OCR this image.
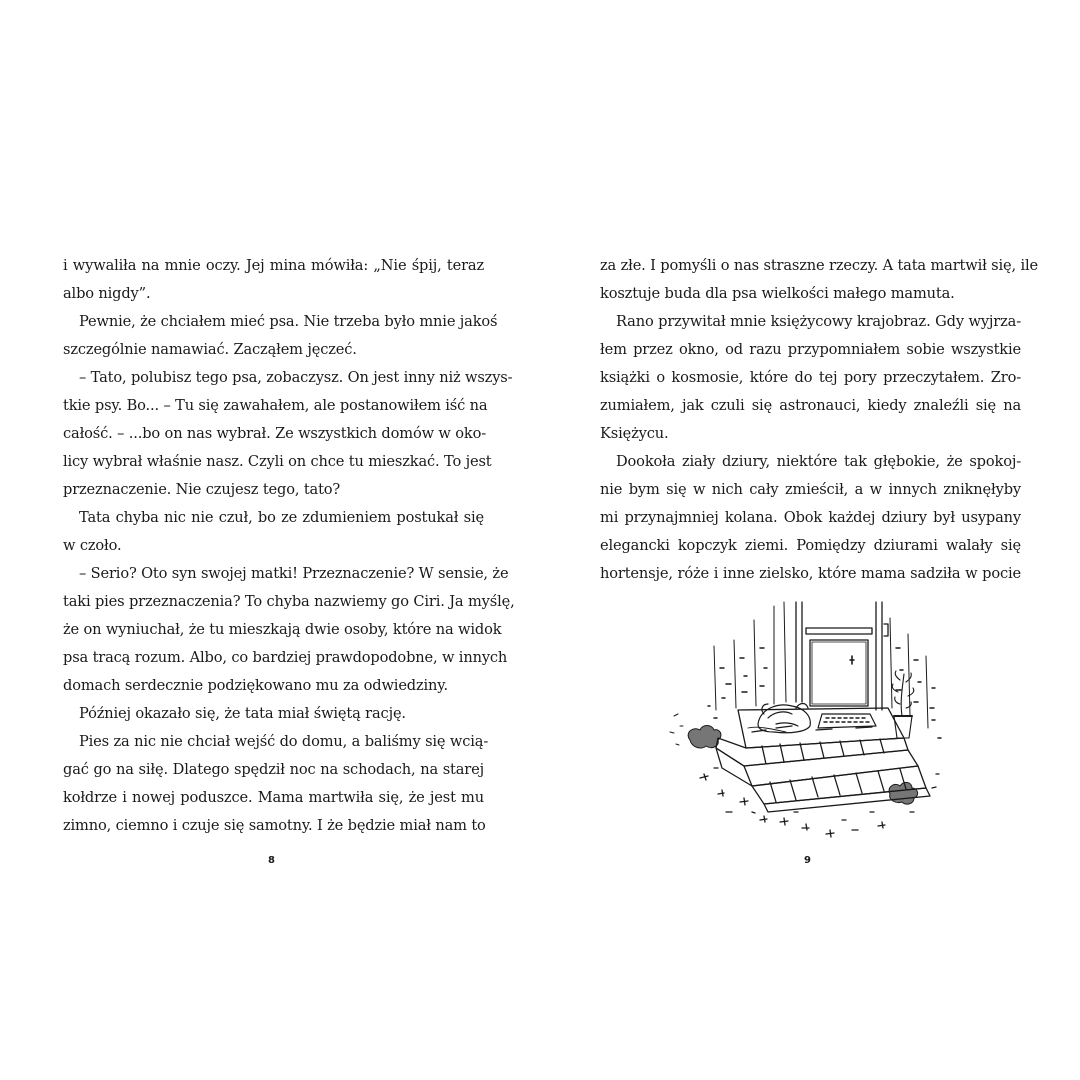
i wywaliła na mnie oczy. Jej mina mówiła: „Nie śpij, teraz
albo nigdy”.
Pewnie, że chciałem mieć psa. Nie trzeba było mnie jakoś
szczególnie namawiać. Zacząłem jęczeć.
– Tato, polubisz tego psa, zobaczysz. On jest inny niż wszys-
tkie psy. Bo... – Tu się zawahałem, ale postanowiłem iść na
całość. – ...bo on nas wybrał. Ze wszystkich domów w oko-
licy wybrał właśnie nasz. Czyli on chce tu mieszkać. To jest
przeznaczenie. Nie czujesz tego, tato?
Tata chyba nic nie czuł, bo ze zdumieniem postukał się
w czoło.
– Serio? Oto syn swojej matki! Przeznaczenie? W sensie, że
taki pies przeznaczenia? To chyba nazwiemy go Ciri. Ja myślę,
że on wyniuchał, że tu mieszkają dwie osoby, które na widok
psa tracą rozum. Albo, co bardziej prawdopodobne, w innych
domach serdecznie podziękowano mu za odwiedziny.
Później okazało się, że tata miał świętą rację.
Pies za nic nie chciał wejść do domu, a baliśmy się wcią-
gać go na siłę. Dlatego spędził noc na schodach, na starej
kołdrze i nowej poduszce. Mama martwiła się, że jest mu
zimno, ciemno i czuje się samotny. I że będzie miał nam to
8
za złe. I pomyśli o nas straszne rzeczy. A tata martwił się, ile
kosztuje buda dla psa wielkości małego mamuta.
Rano przywitał mnie księżycowy krajobraz. Gdy wyjrza-
łem przez okno, od razu przypomniałem sobie wszystkie
książki o kosmosie, które do tej pory przeczytałem. Zro-
zumiałem, jak czuli się astronauci, kiedy znaleźli się na
Księżycu.
Dookoła ziały dziury, niektóre tak głębokie, że spokoj-
nie bym się w nich cały zmieścił, a w innych zniknęłyby
mi przynajmniej kolana. Obok każdej dziury był usypany
elegancki kopczyk ziemi. Pomiędzy dziurami walały się
hortensje, róże i inne zielsko, które mama sadziła w pocie
9
